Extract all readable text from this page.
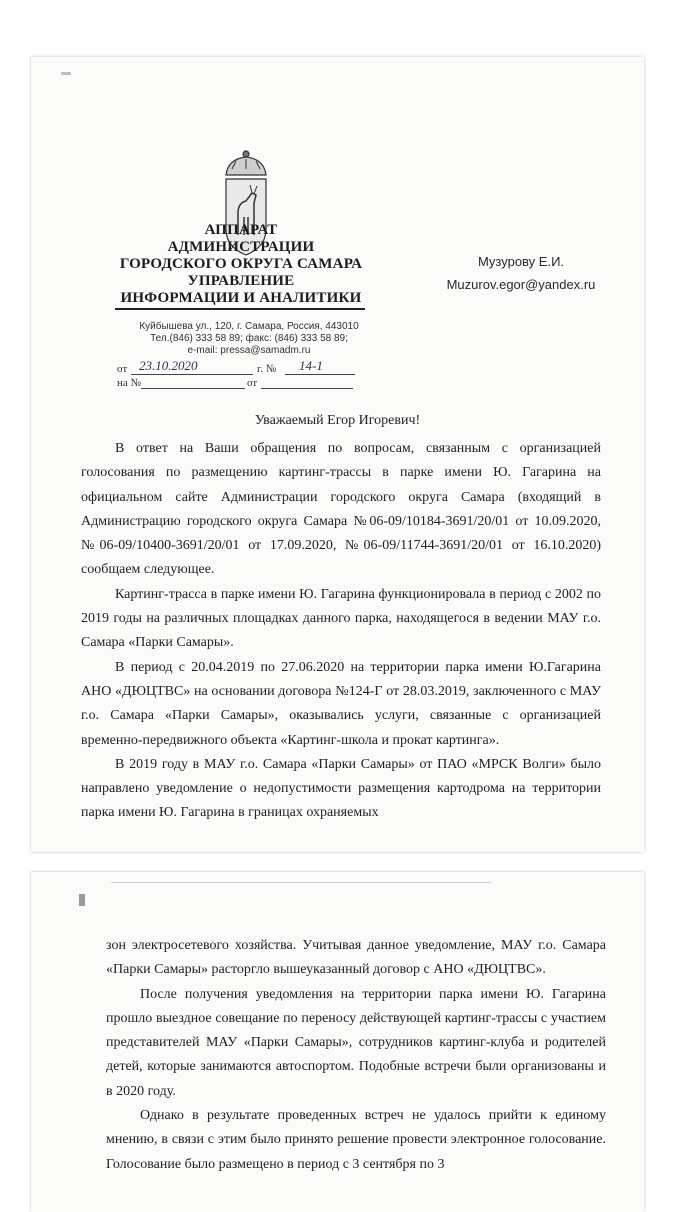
АППАРАТ
АДМИНИСТРАЦИИ
ГОРОДСКОГО ОКРУГА САМАРА
УПРАВЛЕНИЕ
ИНФОРМАЦИИ И АНАЛИТИКИ
Куйбышева ул., 120, г. Самара, Россия, 443010
Тел.(846) 333 58 89; факс: (846) 333 58 89;
e-mail: pressa@samadm.ru
от 23.10.2020	г. № 14-1
на №	от
Музурову Е.И.
Muzurov.egor@yandex.ru
Уважаемый Егор Игоревич!

В ответ на Ваши обращения по вопросам, связанным с организацией голосования по размещению картинг-трассы в парке имени Ю. Гагарина на официальном сайте Администрации городского округа Самара (входящий в Администрацию городского округа Самара №06-09/10184-3691/20/01 от 10.09.2020, №06-09/10400-3691/20/01 от 17.09.2020, №06-09/11744-3691/20/01 от 16.10.2020) сообщаем следующее.

Картинг-трасса в парке имени Ю. Гагарина функционировала в период с 2002 по 2019 годы на различных площадках данного парка, находящегося в ведении МАУ г.о. Самара «Парки Самары».

В период с 20.04.2019 по 27.06.2020 на территории парка имени Ю.Гагарина АНО «ДЮЦТВС» на основании договора №124-Г от 28.03.2019, заключенного с МАУ г.о. Самара «Парки Самары», оказывались услуги, связанные с организацией временно-передвижного объекта «Картинг-школа и прокат картинга».

В 2019 году в МАУ г.о. Самара «Парки Самары» от ПАО «МРСК Волги» было направлено уведомление о недопустимости размещения картодрома на территории парка имени Ю. Гагарина в границах охраняемых

зон электросетевого хозяйства. Учитывая данное уведомление, МАУ г.о. Самара «Парки Самары» расторгло вышеуказанный договор с АНО «ДЮЦТВС».

После получения уведомления на территории парка имени Ю. Гагарина прошло выездное совещание по переносу действующей картинг-трассы с участием представителей МАУ «Парки Самары», сотрудников картинг-клуба и родителей детей, которые занимаются автоспортом. Подобные встречи были организованы и в 2020 году.

Однако в результате проведенных встреч не удалось прийти к единому мнению, в связи с этим было принято решение провести электронное голосование. Голосование было размещено в период с 3 сентября по 3
